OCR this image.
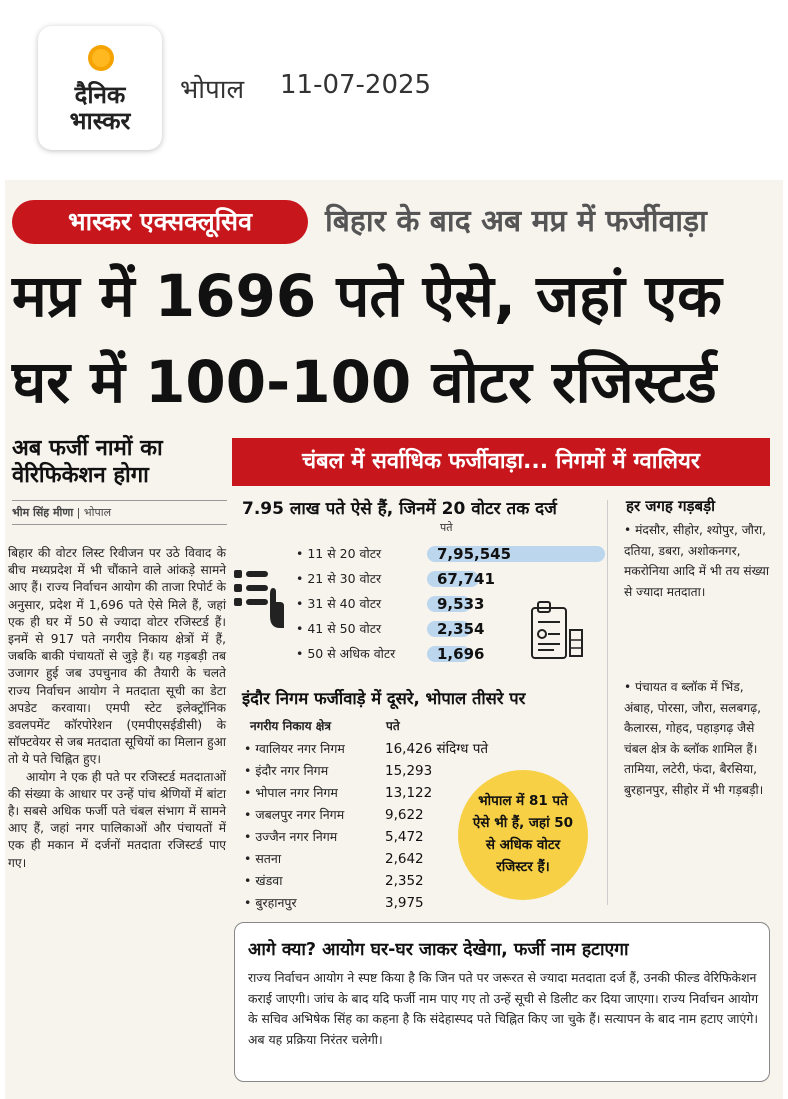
दैनिक
भास्कर
भोपाल 11-07-2025
भास्कर एक्सक्लूसिव	बिहार के बाद अब मप्र में फर्जीवाड़ा
मप्र में 1696 पते ऐसे, जहां एक
घर में 100-100 वोटर रजिस्टर्ड
अब फर्जी नामों का
वेरिफिकेशन होगा
भीम सिंह मीणा | भोपाल

बिहार की वोटर लिस्ट रिवीजन पर उठे विवाद के बीच मध्यप्रदेश में भी चौंकाने वाले आंकड़े सामने आए हैं। राज्य निर्वाचन आयोग की ताजा रिपोर्ट के अनुसार, प्रदेश में 1,696 पते ऐसे मिले हैं, जहां एक ही घर में 50 से ज्यादा वोटर रजिस्टर्ड हैं। इनमें से 917 पते नगरीय निकाय क्षेत्रों में हैं, जबकि बाकी पंचायतों से जुड़े हैं। यह गड़बड़ी तब उजागर हुई जब उपचुनाव की तैयारी के चलते राज्य निर्वाचन आयोग ने मतदाता सूची का डेटा अपडेट करवाया। एमपी स्टेट इलेक्ट्रॉनिक डवलपमेंट कॉरपोरेशन (एमपीएसईडीसी) के सॉफ्टवेयर से जब मतदाता सूचियों का मिलान हुआ तो ये पते चिह्नित हुए।

आयोग ने एक ही पते पर रजिस्टर्ड मतदाताओं की संख्या के आधार पर उन्हें पांच श्रेणियों में बांटा है। सबसे अधिक फर्जी पते चंबल संभाग में सामने आए हैं, जहां नगर पालिकाओं और पंचायतों में एक ही मकान में दर्जनों मतदाता रजिस्टर्ड पाए गए।

चंबल में सर्वाधिक फर्जीवाड़ा... निगमों में ग्वालियर
7.95 लाख पते ऐसे हैं, जिनमें 20 वोटर तक दर्ज
पते
• 11 से 20 वोटर	7,95,545
• 21 से 30 वोटर	67,741
• 31 से 40 वोटर	9,533
• 41 से 50 वोटर	2,354
• 50 से अधिक वोटर	1,696
हर जगह गड़बड़ी
• मंदसौर, सीहोर, श्योपुर, जौरा, दतिया, डबरा, अशोकनगर, मकरोनिया आदि में भी तय संख्या से ज्यादा मतदाता।
• पंचायत व ब्लॉक में भिंड, अंबाह, पोरसा, जौरा, सलबगढ़, कैलारस, गोहद, पहाड़गढ़ जैसे चंबल क्षेत्र के ब्लॉक शामिल हैं। तामिया, लटेरी, फंदा, बैरसिया, बुरहानपुर, सीहोर में भी गड़बड़ी।
इंदौर निगम फर्जीवाड़े में दूसरे, भोपाल तीसरे पर
नगरीय निकाय क्षेत्र	पते
• ग्वालियर नगर निगम	16,426 संदिग्ध पते
• इंदौर नगर निगम	15,293
• भोपाल नगर निगम	13,122
• जबलपुर नगर निगम	9,622
• उज्जैन नगर निगम	5,472
• सतना	2,642
• खंडवा	2,352
• बुरहानपुर	3,975
भोपाल में 81 पते
ऐसे भी हैं, जहां 50
से अधिक वोटर
रजिस्टर हैं।
आगे क्या? आयोग घर-घर जाकर देखेगा, फर्जी नाम हटाएगा
राज्य निर्वाचन आयोग ने स्पष्ट किया है कि जिन पते पर जरूरत से ज्यादा मतदाता दर्ज हैं, उनकी फील्ड वेरिफिकेशन कराई जाएगी। जांच के बाद यदि फर्जी नाम पाए गए तो उन्हें सूची से डिलीट कर दिया जाएगा। राज्य निर्वाचन आयोग के सचिव अभिषेक सिंह का कहना है कि संदेहास्पद पते चिह्नित किए जा चुके हैं। सत्यापन के बाद नाम हटाए जाएंगे। अब यह प्रक्रिया निरंतर चलेगी।
